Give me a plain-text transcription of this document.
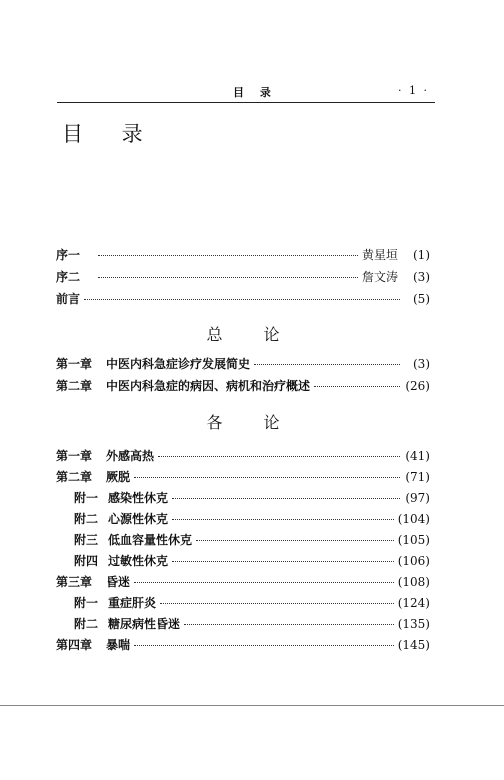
目 录	· 1 ·
目 录
序一	黄星垣	(1)
序二	詹文涛	(3)
前言	(5)
总 论
第一章 中医内科急症诊疗发展简史	(3)
第二章 中医内科急症的病因、病机和治疗概述	(26)
各 论
第一章 外感高热	(41)
第二章 厥脱	(71)
附一 感染性休克	(97)
附二 心源性休克	(104)
附三 低血容量性休克	(105)
附四 过敏性休克	(106)
第三章 昏迷	(108)
附一 重症肝炎	(124)
附二 糖尿病性昏迷	(135)
第四章 暴喘	(145)
